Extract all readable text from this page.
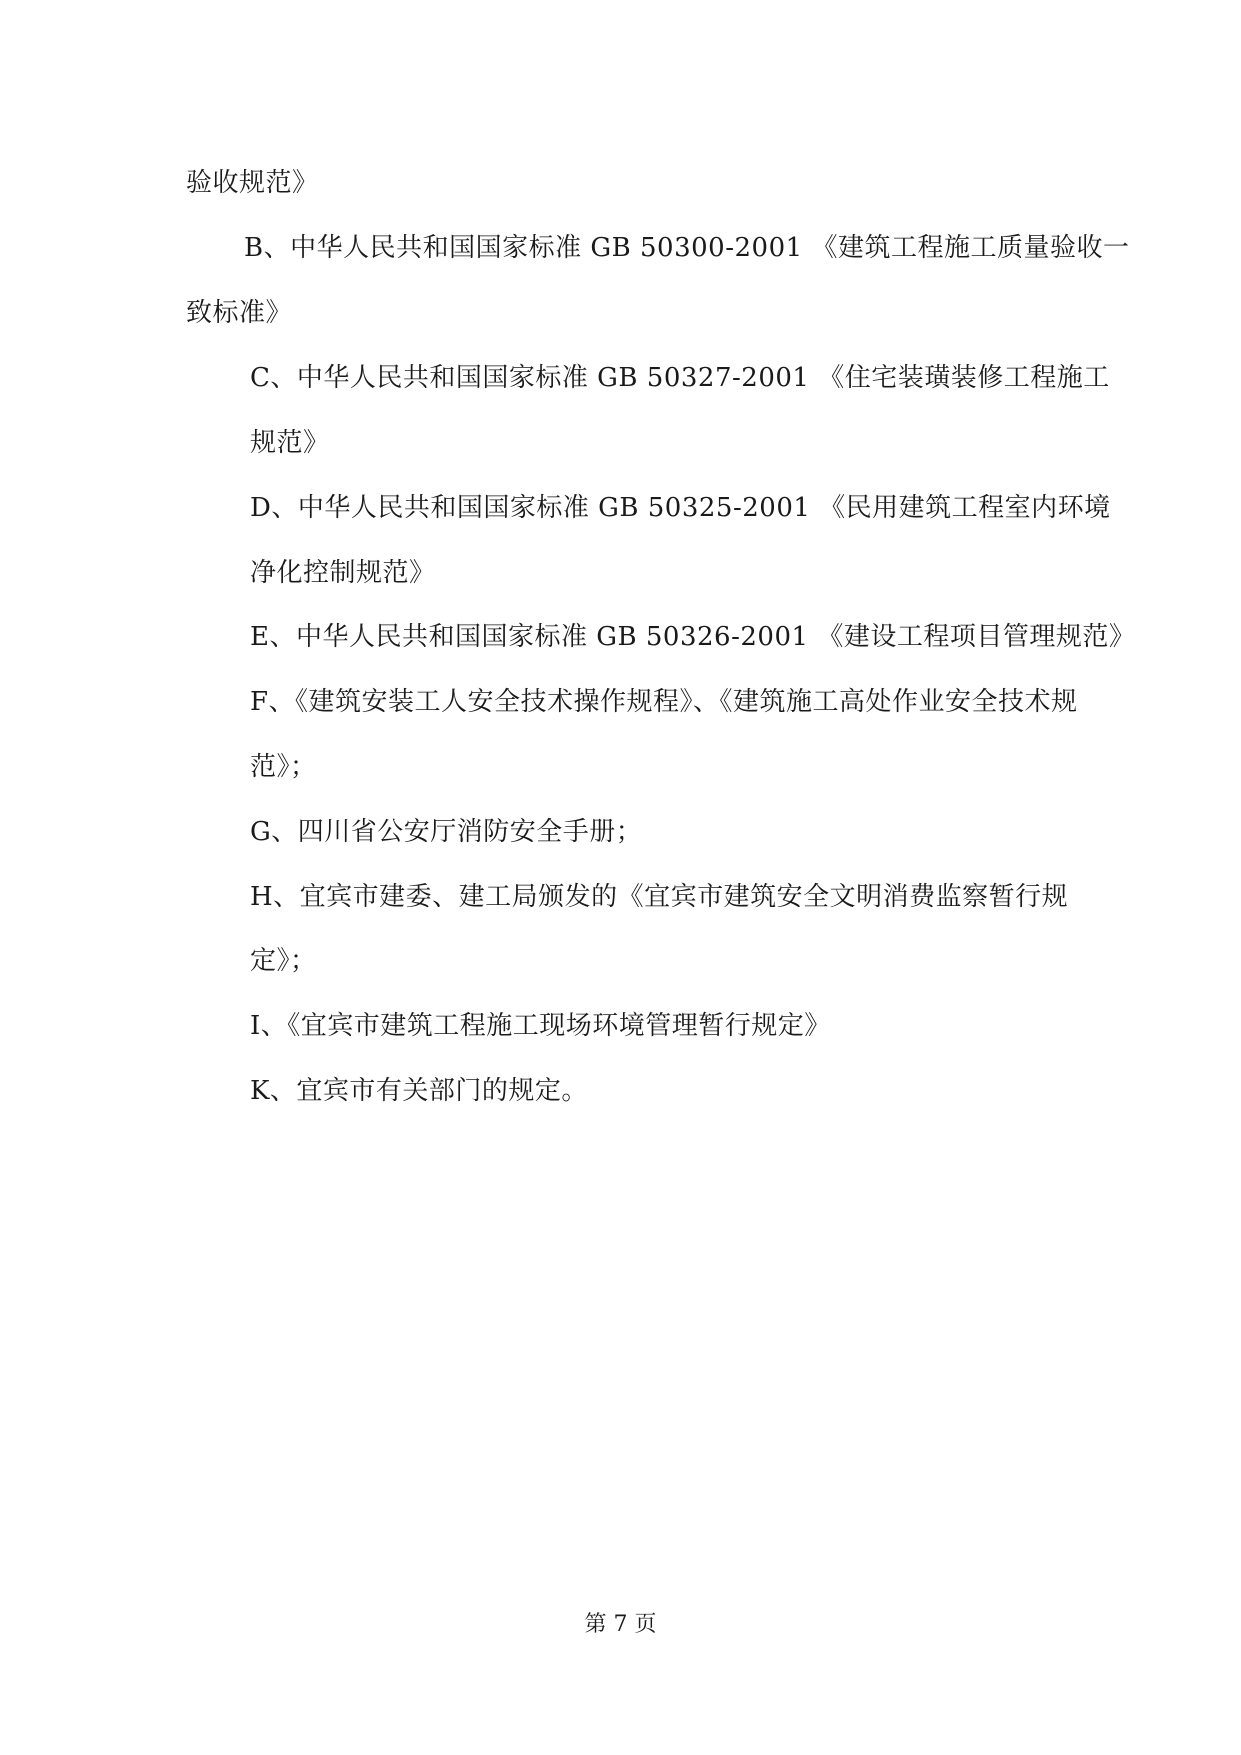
验收规范》
B、中华人民共和国国家标准 GB 50300-2001 《建筑工程施工质量验收一
致标准》
C、中华人民共和国国家标准 GB 50327-2001 《住宅装璜装修工程施工
规范》
D、中华人民共和国国家标准 GB 50325-2001 《民用建筑工程室内环境
净化控制规范》
E、中华人民共和国国家标准 GB 50326-2001 《建设工程项目管理规范》
F、《建筑安装工人安全技术操作规程》、《建筑施工高处作业安全技术规
范》；
G、四川省公安厅消防安全手册；
H、宜宾市建委、建工局颁发的《宜宾市建筑安全文明消费监察暂行规
定》；
I、《宜宾市建筑工程施工现场环境管理暂行规定》
K、宜宾市有关部门的规定。
第 7 页
